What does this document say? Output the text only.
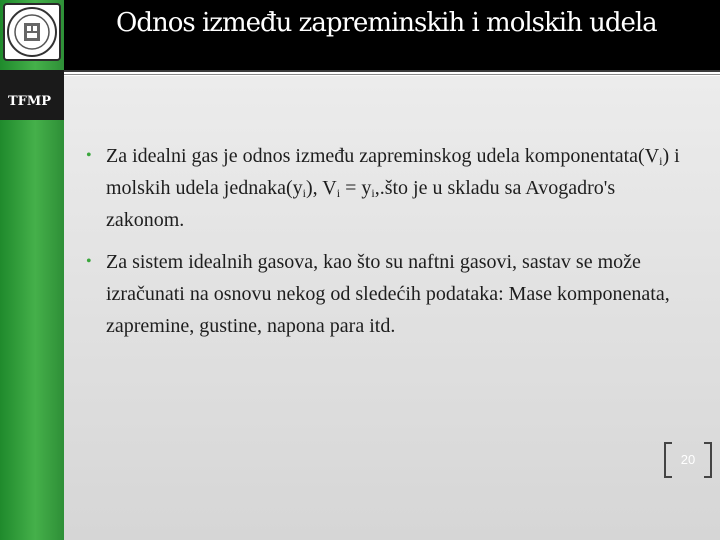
TFMP
Odnos između zapreminskih i molskih udela
• Za idealni gas je odnos između zapreminskog udela $komponentata(V_i)$ i molskih udela $jednaka(y_i)$, $V_i$ = $y_i,.što$ je u skladu sa Avogadro's zakonom.
• Za sistem idealnih gasova, kao što su naftni gasovi, sastav se može izračunati na osnovu nekog od sledećih podataka: Mase komponenata, zapremine, gustine, napona para itd.
20
